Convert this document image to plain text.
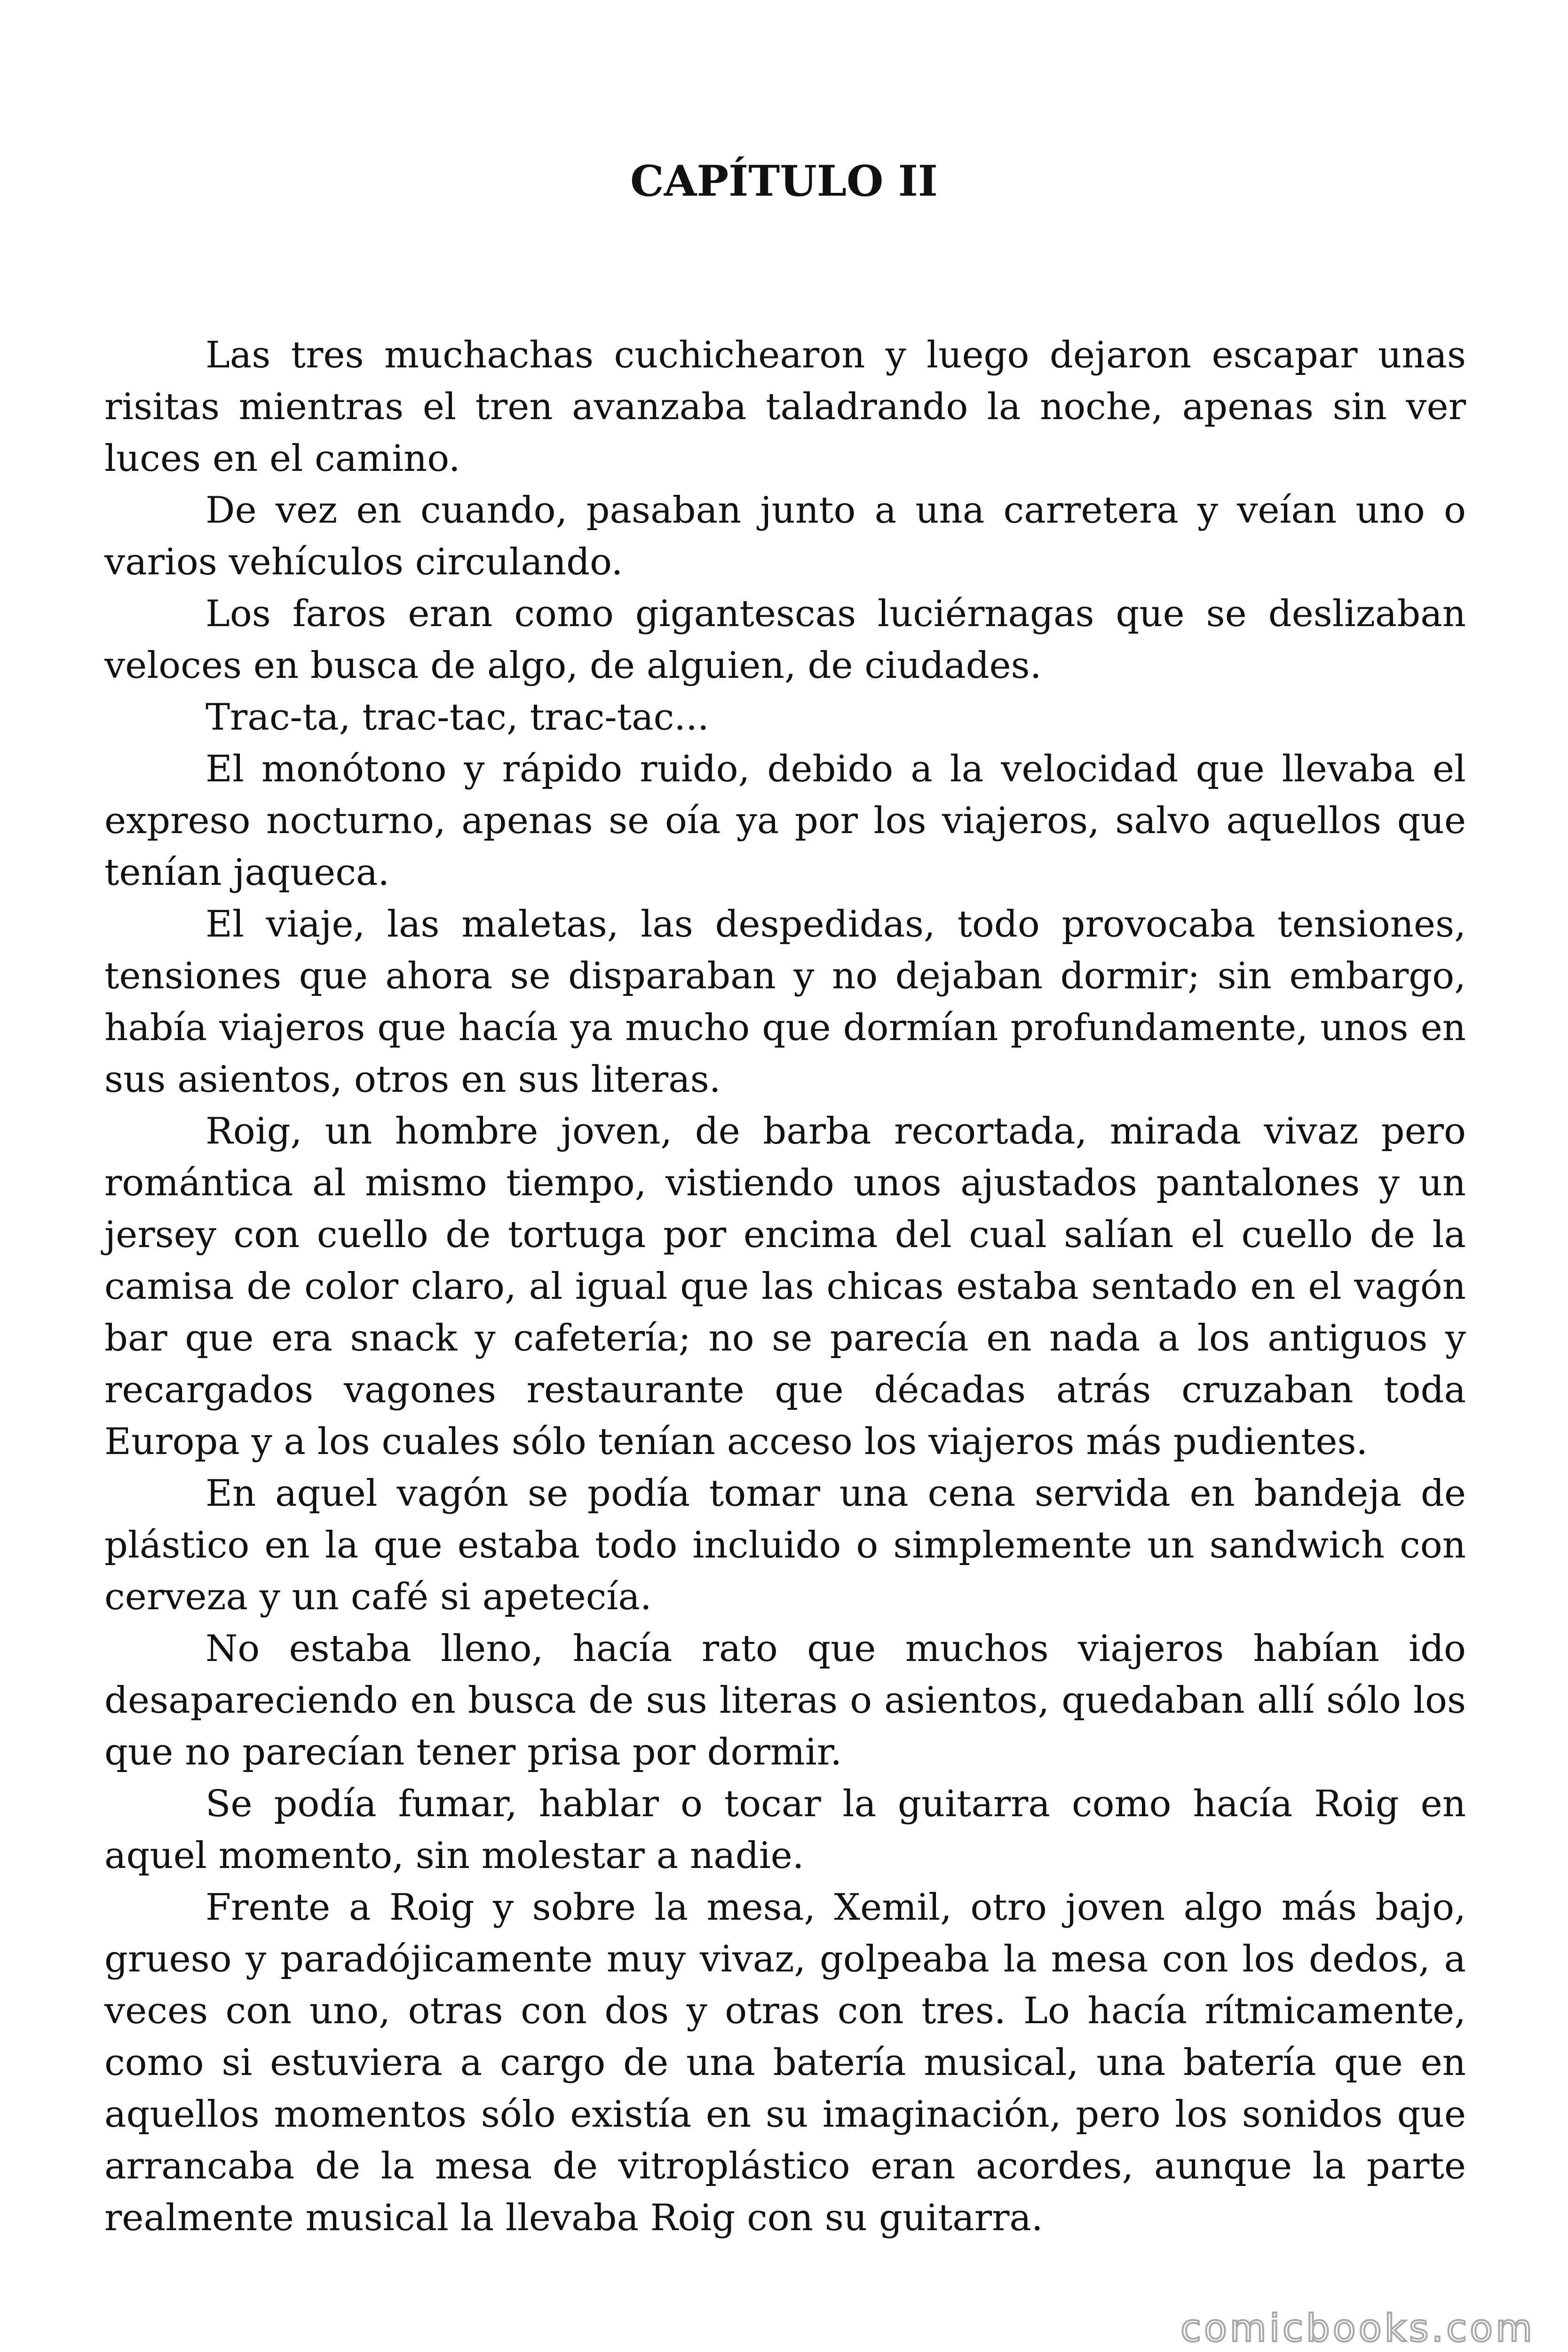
CAPÍTULO II

Las tres muchachas cuchichearon y luego dejaron escapar unas risitas mientras el tren avanzaba taladrando la noche, apenas sin ver luces en el camino.

De vez en cuando, pasaban junto a una carretera y veían uno o varios vehículos circulando.

Los faros eran como gigantescas luciérnagas que se deslizaban veloces en busca de algo, de alguien, de ciudades.

Trac-ta, trac-tac, trac-tac...

El monótono y rápido ruido, debido a la velocidad que llevaba el expreso nocturno, apenas se oía ya por los viajeros, salvo aquellos que tenían jaqueca.

El viaje, las maletas, las despedidas, todo provocaba tensiones, tensiones que ahora se disparaban y no dejaban dormir; sin embargo, había viajeros que hacía ya mucho que dormían profundamente, unos en sus asientos, otros en sus literas.

Roig, un hombre joven, de barba recortada, mirada vivaz pero romántica al mismo tiempo, vistiendo unos ajustados pantalones y un jersey con cuello de tortuga por encima del cual salían el cuello de la camisa de color claro, al igual que las chicas estaba sentado en el vagón bar que era snack y cafetería; no se parecía en nada a los antiguos y recargados vagones restaurante que décadas atrás cruzaban toda Europa y a los cuales sólo tenían acceso los viajeros más pudientes.

En aquel vagón se podía tomar una cena servida en bandeja de plástico en la que estaba todo incluido o simplemente un sandwich con cerveza y un café si apetecía.

No estaba lleno, hacía rato que muchos viajeros habían ido desapareciendo en busca de sus literas o asientos, quedaban allí sólo los que no parecían tener prisa por dormir.

Se podía fumar, hablar o tocar la guitarra como hacía Roig en aquel momento, sin molestar a nadie.

Frente a Roig y sobre la mesa, Xemil, otro joven algo más bajo, grueso y paradójicamente muy vivaz, golpeaba la mesa con los dedos, a veces con uno, otras con dos y otras con tres. Lo hacía rítmicamente, como si estuviera a cargo de una batería musical, una batería que en aquellos momentos sólo existía en su imaginación, pero los sonidos que arrancaba de la mesa de vitroplástico eran acordes, aunque la parte realmente musical la llevaba Roig con su guitarra.

comicbooks.com
